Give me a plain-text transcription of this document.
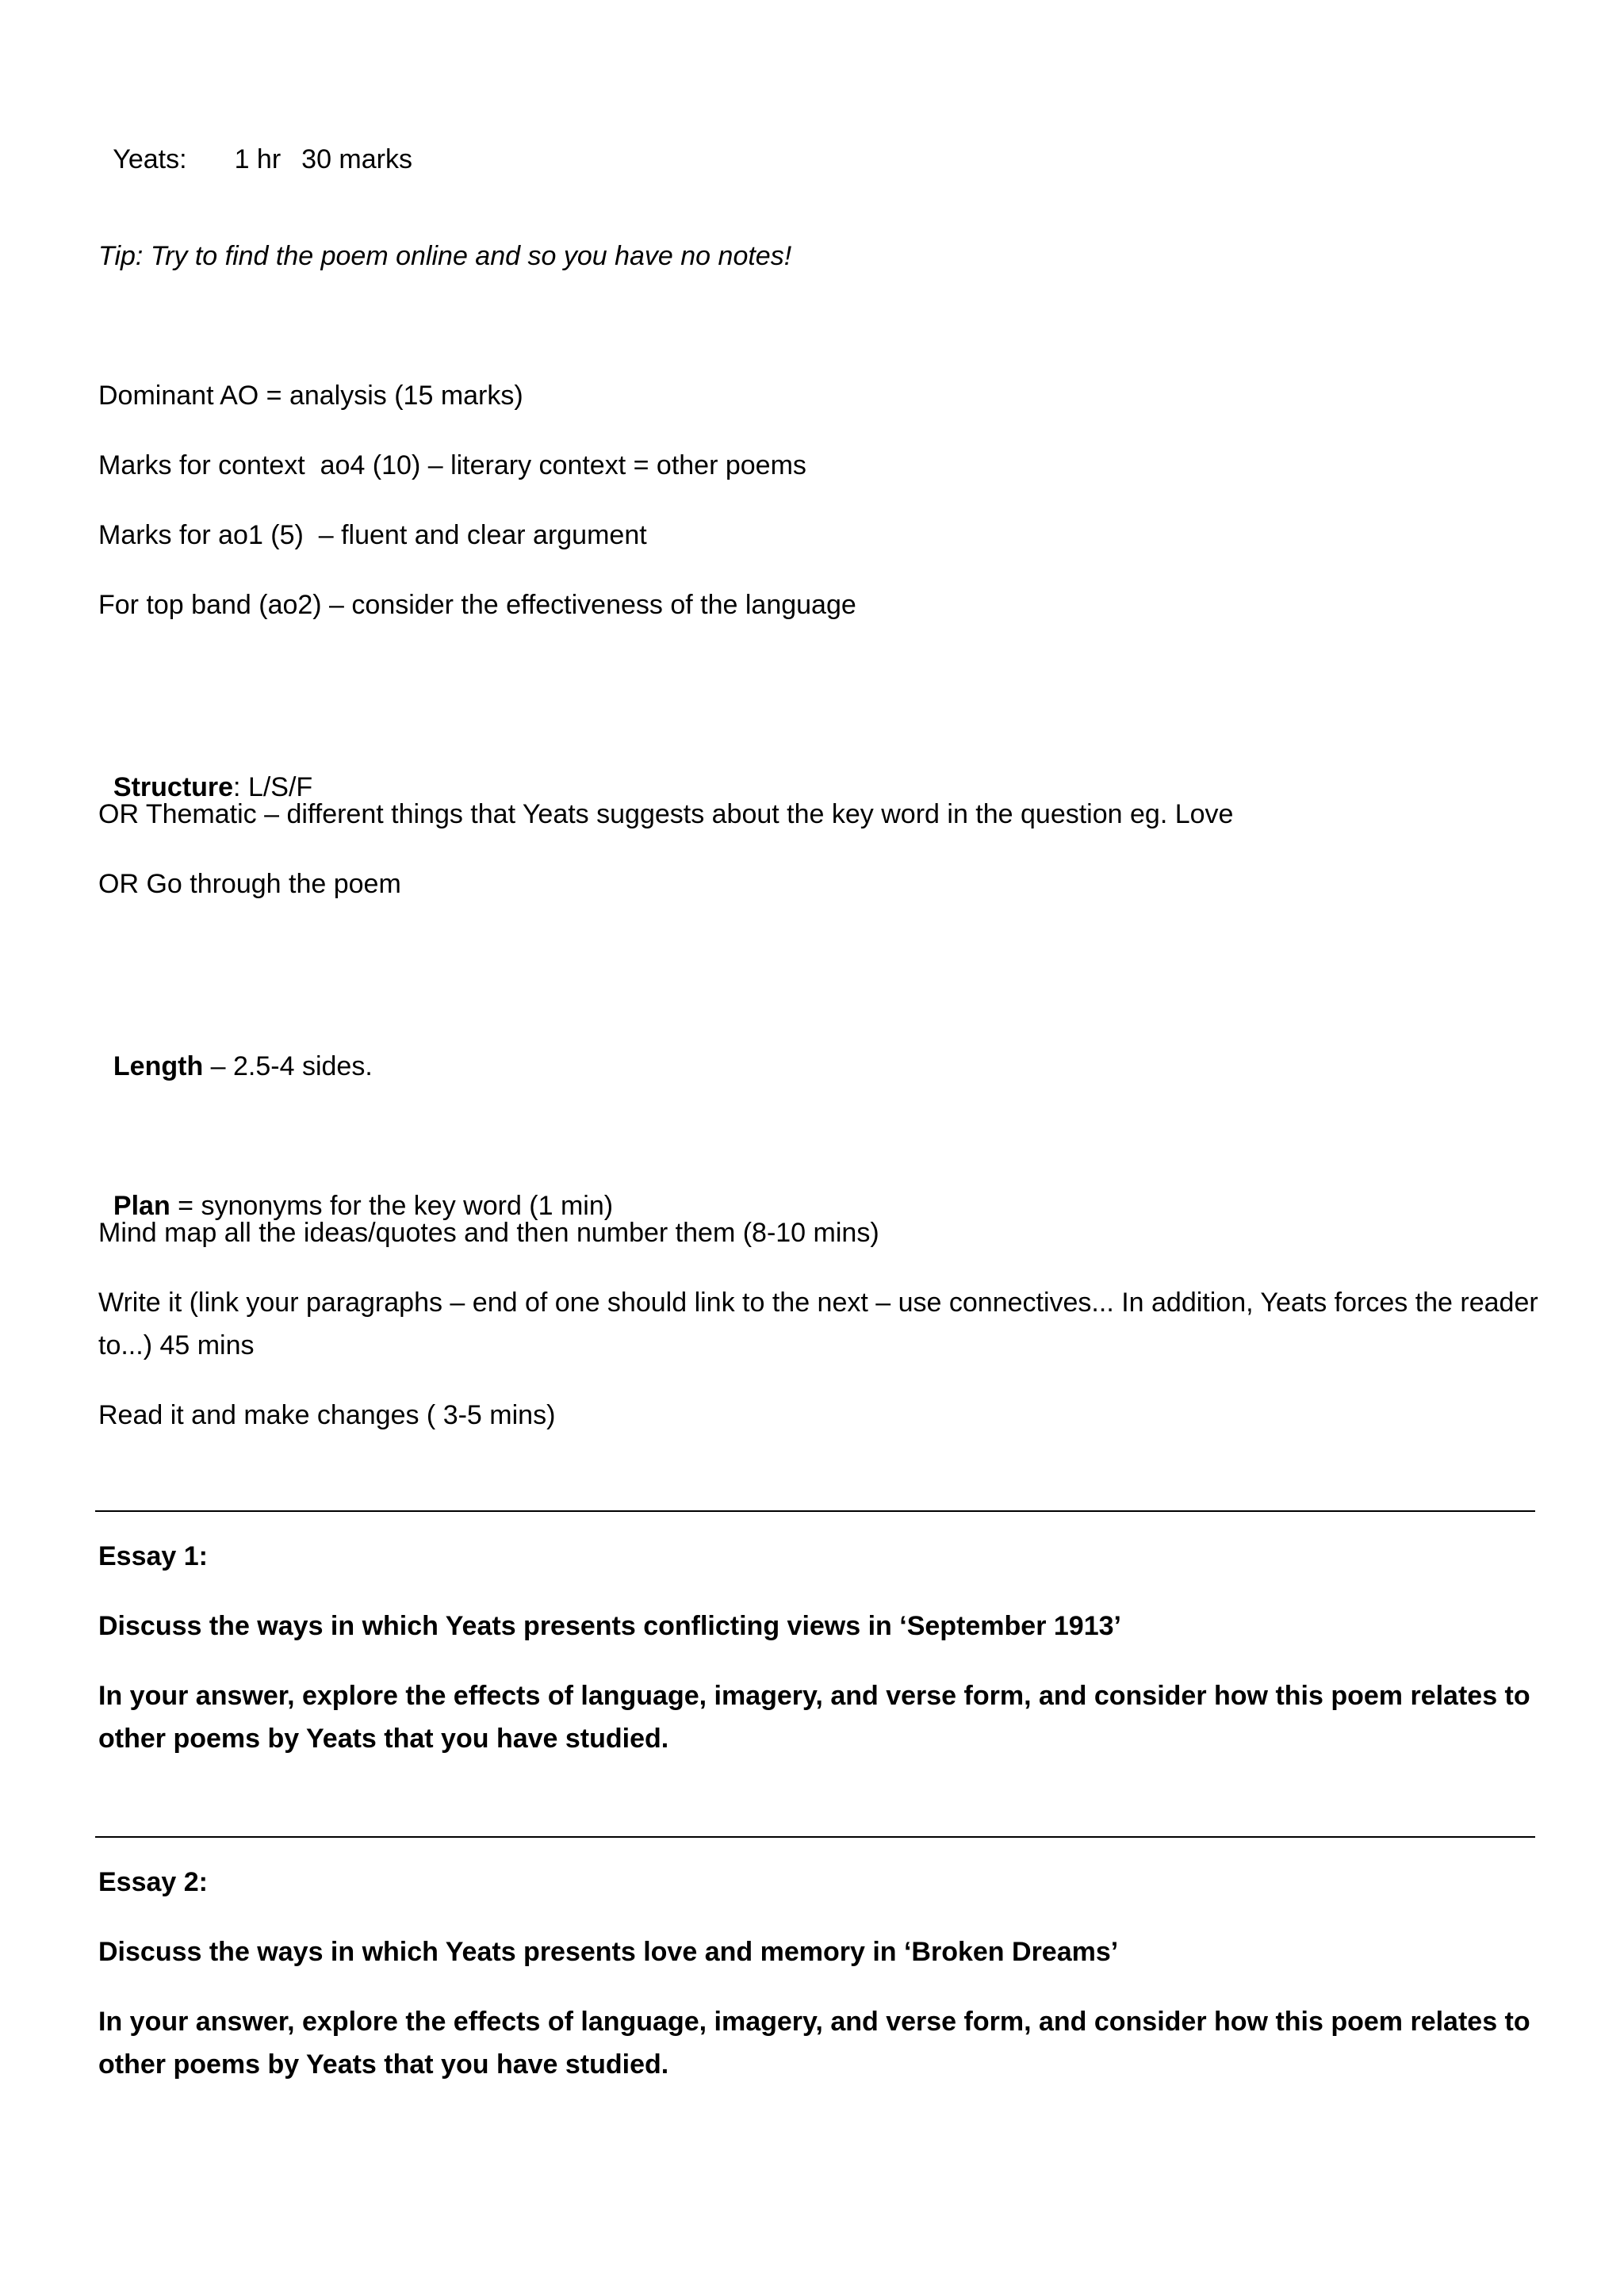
Yeats: 1 hr 30 marks

Tip: Try to find the poem online and so you have no notes!
Dominant AO = analysis (15 marks)
Marks for context  ao4 (10) – literary context = other poems
Marks for ao1 (5)  – fluent and clear argument
For top band (ao2) – consider the effectiveness of the language

Structure: L/S/F

OR Thematic – different things that Yeats suggests about the key word in the question eg. Love
OR Go through the poem

Length – 2.5-4 sides.

Plan = synonyms for the key word (1 min)

Mind map all the ideas/quotes and then number them (8-10 mins)
Write it (link your paragraphs – end of one should link to the next – use connectives... In addition, Yeats forces the reader to...) 45 mins
Read it and make changes ( 3-5 mins)
Essay 1:
Discuss the ways in which Yeats presents conflicting views in ‘September 1913’
In your answer, explore the effects of language, imagery, and verse form, and consider how this poem relates to other poems by Yeats that you have studied.
Essay 2:
Discuss the ways in which Yeats presents love and memory in ‘Broken Dreams’
In your answer, explore the effects of language, imagery, and verse form, and consider how this poem relates to other poems by Yeats that you have studied.
